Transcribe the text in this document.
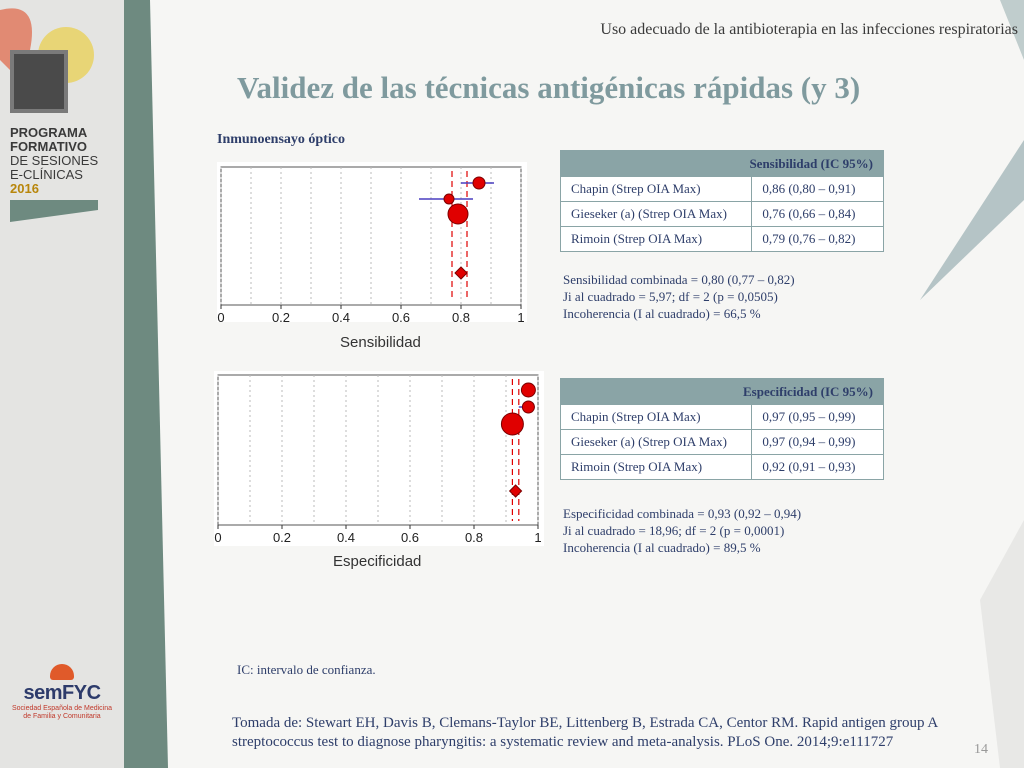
PROGRAMA
FORMATIVO
DE SESIONES
E-CLÍNICAS
2016
semFYC
Sociedad Española de Medicina
de Familia y Comunitaria
Uso adecuado de la antibioterapia en las infecciones respiratorias
Validez de las técnicas antigénicas rápidas (y 3)
Inmunoensayo óptico
0	0.2	0.4	0.6	0.8	1
Sensibilidad
Sensibilidad (IC 95%)	
Chapin (Strep OIA Max)	0,86 (0,80 – 0,91)
Gieseker (a) (Strep OIA Max)	0,76 (0,66 – 0,84)
Rimoin (Strep OIA Max)	0,79 (0,76 – 0,82)
Sensibilidad combinada = 0,80 (0,77 – 0,82)
Ji al cuadrado = 5,97; df = 2 (p = 0,0505)
Incoherencia (I al cuadrado) = 66,5 %
0	0.2	0.4	0.6	0.8	1
Especificidad
Especificidad (IC 95%)	
Chapin (Strep OIA Max)	0,97 (0,95 – 0,99)
Gieseker (a) (Strep OIA Max)	0,97 (0,94 – 0,99)
Rimoin (Strep OIA Max)	0,92 (0,91 – 0,93)
Especificidad combinada = 0,93 (0,92 – 0,94)
Ji al cuadrado = 18,96; df = 2 (p = 0,0001)
Incoherencia (I al cuadrado) = 89,5 %
IC: intervalo de confianza.
Tomada de: Stewart EH, Davis B, Clemans-Taylor BE, Littenberg B, Estrada CA, Centor RM. Rapid antigen group A streptococcus test to diagnose pharyngitis: a systematic review and meta-analysis. PLoS One. 2014;9:e111727	14
